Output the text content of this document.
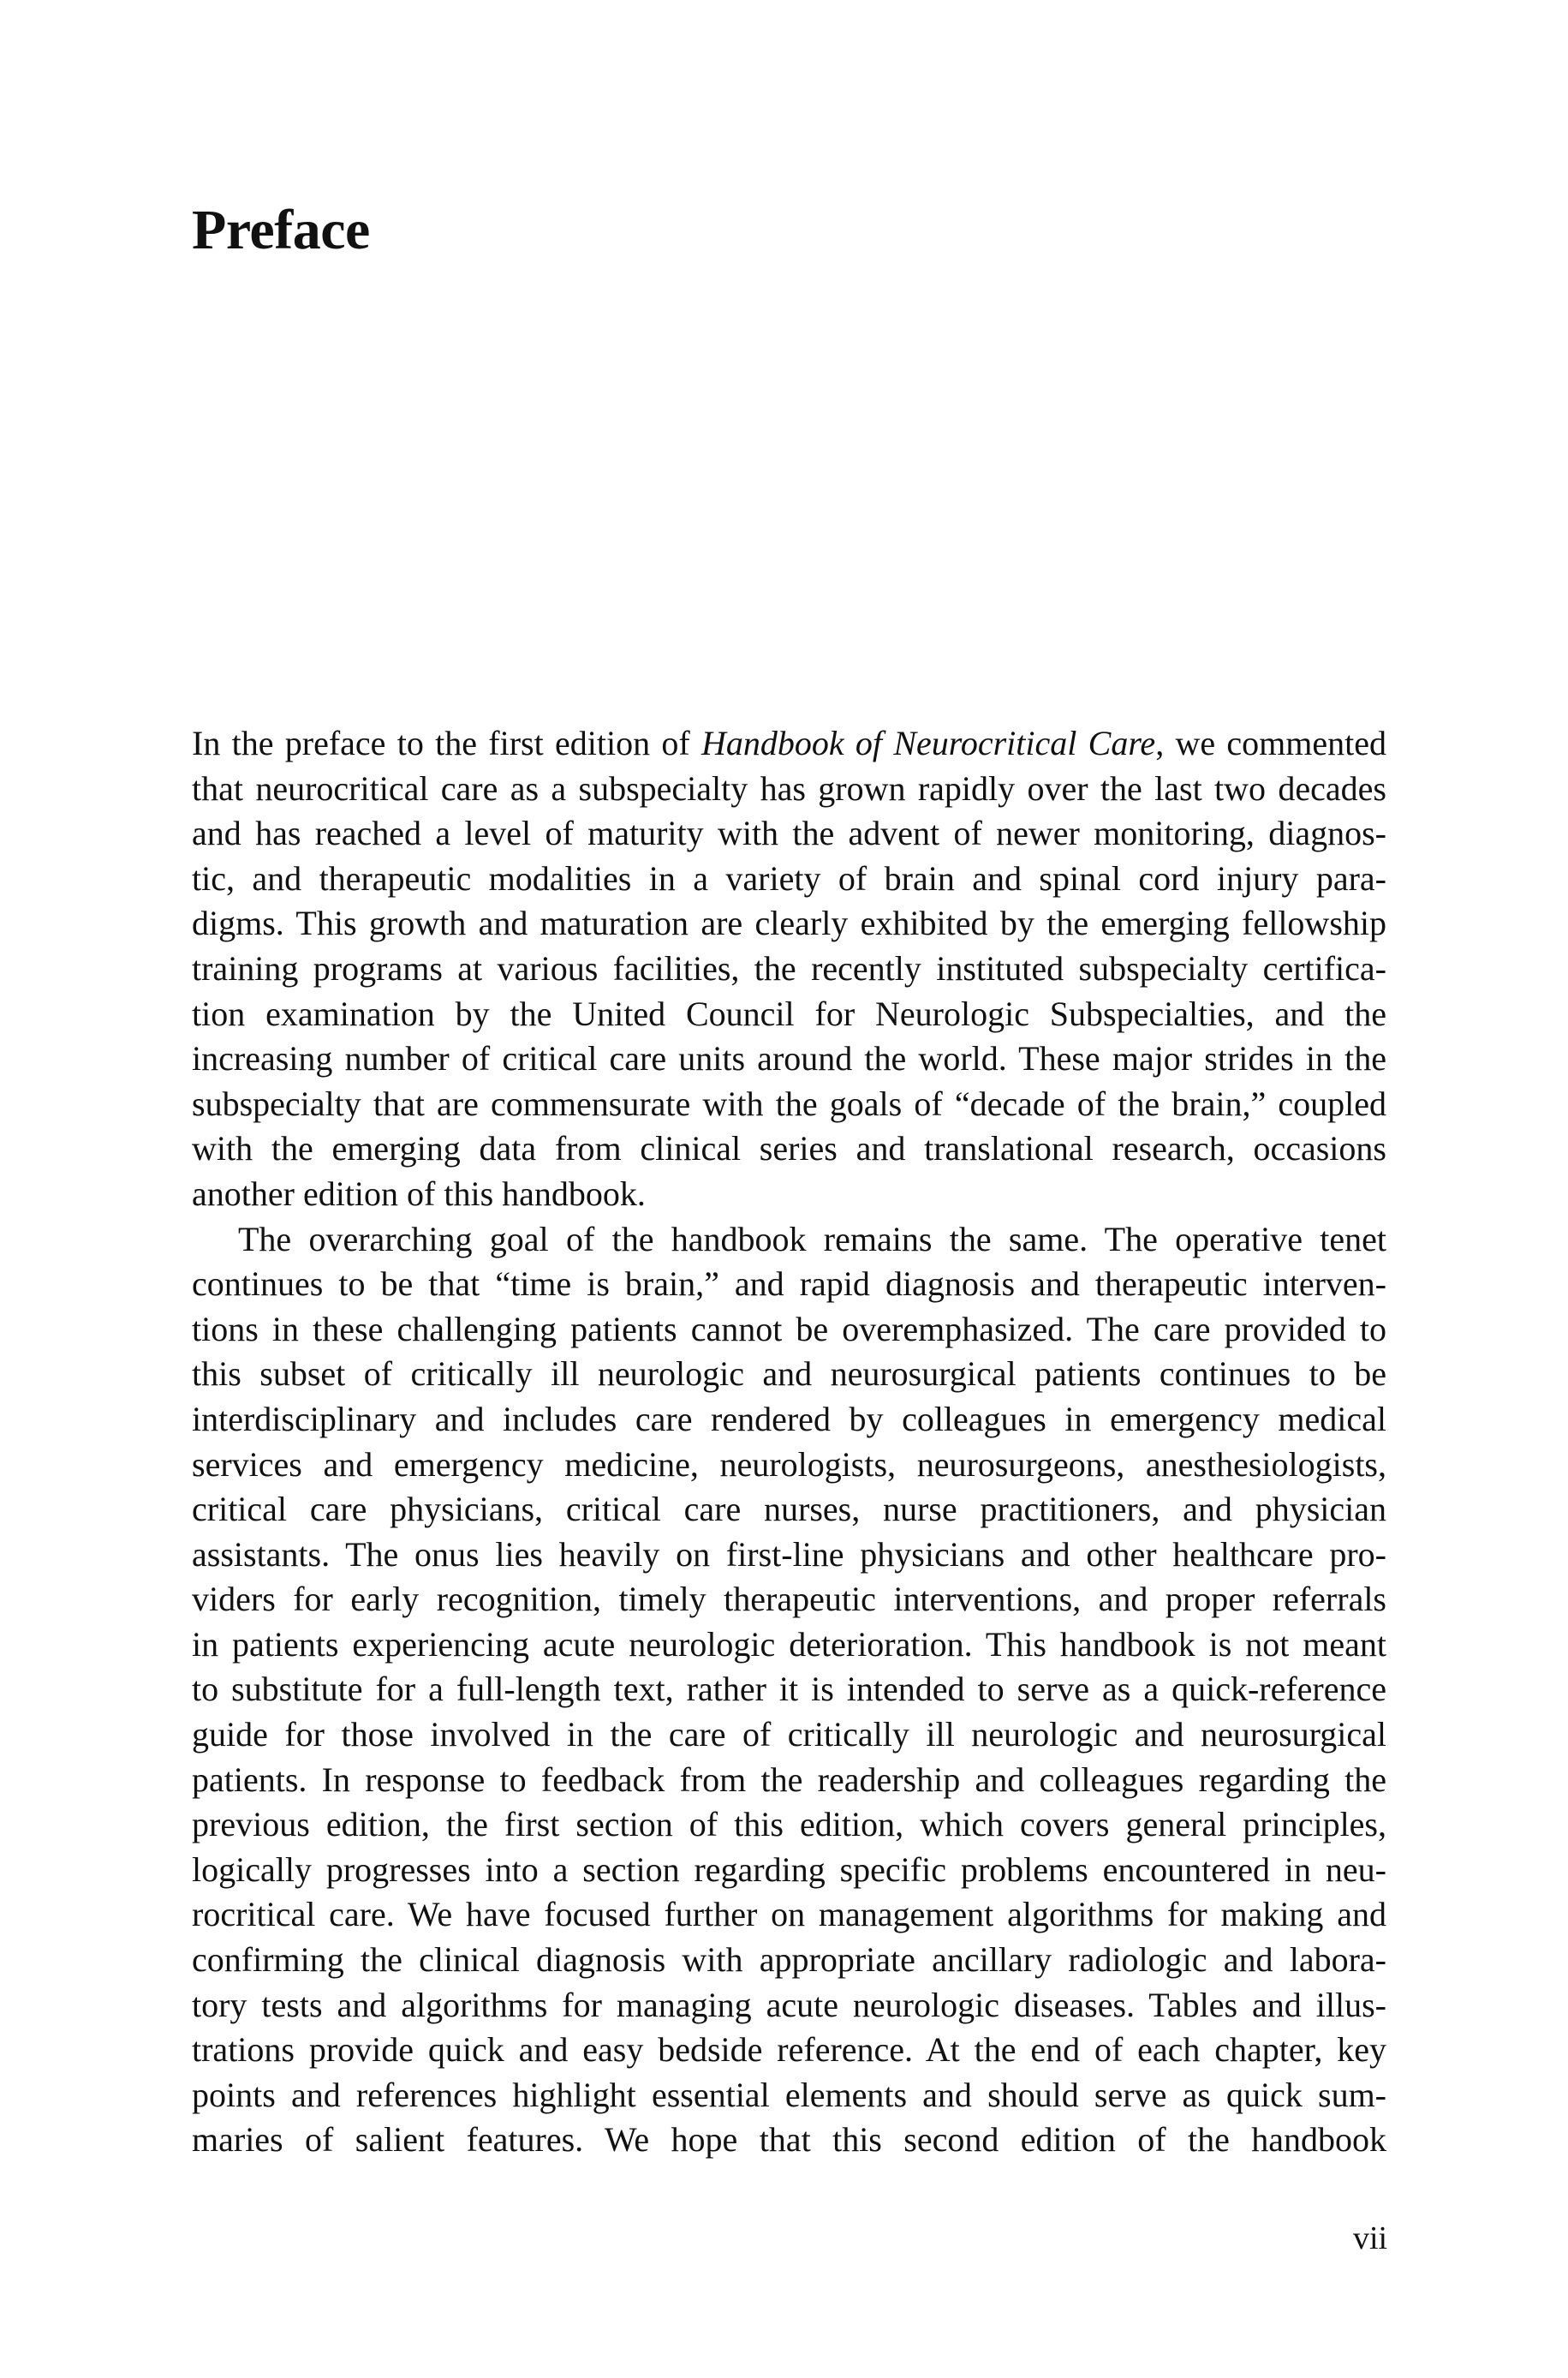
Preface
In the preface to the first edition of Handbook of Neurocritical Care, we commented
that neurocritical care as a subspecialty has grown rapidly over the last two decades
and has reached a level of maturity with the advent of newer monitoring, diagnos-
tic, and therapeutic modalities in a variety of brain and spinal cord injury para-
digms. This growth and maturation are clearly exhibited by the emerging fellowship
training programs at various facilities, the recently instituted subspecialty certifica-
tion examination by the United Council for Neurologic Subspecialties, and the
increasing number of critical care units around the world. These major strides in the
subspecialty that are commensurate with the goals of “decade of the brain,” coupled
with the emerging data from clinical series and translational research, occasions
another edition of this handbook.
The overarching goal of the handbook remains the same. The operative tenet
continues to be that “time is brain,” and rapid diagnosis and therapeutic interven-
tions in these challenging patients cannot be overemphasized. The care provided to
this subset of critically ill neurologic and neurosurgical patients continues to be
interdisciplinary and includes care rendered by colleagues in emergency medical
services and emergency medicine, neurologists, neurosurgeons, anesthesiologists,
critical care physicians, critical care nurses, nurse practitioners, and physician
assistants. The onus lies heavily on first-line physicians and other healthcare pro-
viders for early recognition, timely therapeutic interventions, and proper referrals
in patients experiencing acute neurologic deterioration. This handbook is not meant
to substitute for a full-length text, rather it is intended to serve as a quick-reference
guide for those involved in the care of critically ill neurologic and neurosurgical
patients. In response to feedback from the readership and colleagues regarding the
previous edition, the first section of this edition, which covers general principles,
logically progresses into a section regarding specific problems encountered in neu-
rocritical care. We have focused further on management algorithms for making and
confirming the clinical diagnosis with appropriate ancillary radiologic and labora-
tory tests and algorithms for managing acute neurologic diseases. Tables and illus-
trations provide quick and easy bedside reference. At the end of each chapter, key
points and references highlight essential elements and should serve as quick sum-
maries of salient features. We hope that this second edition of the handbook
vii
